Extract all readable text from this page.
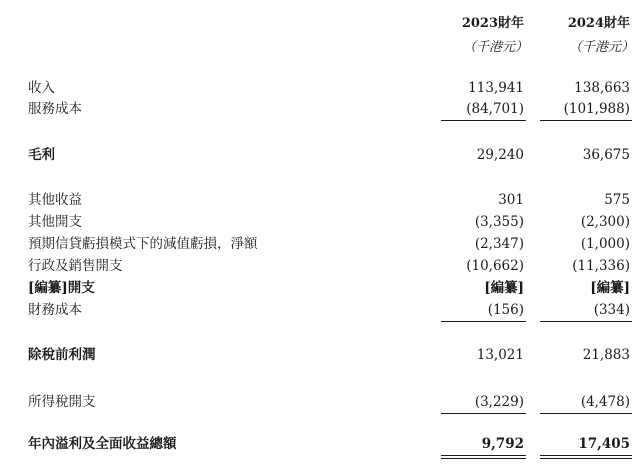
2023財年	2024財年
（千港元）	（千港元）
收入	113,941	138,663
服務成本	(84,701)	(101,988)
毛利	29,240	36,675
其他收益	301	575
其他開支	(3,355)	(2,300)
預期信貸虧損模式下的減值虧損，淨額	(2,347)	(1,000)
行政及銷售開支	(10,662)	(11,336)
[編纂]開支	[編纂]	[編纂]
財務成本	(156)	(334)
除稅前利潤	13,021	21,883
所得稅開支	(3,229)	(4,478)
年內溢利及全面收益總額	9,792	17,405
